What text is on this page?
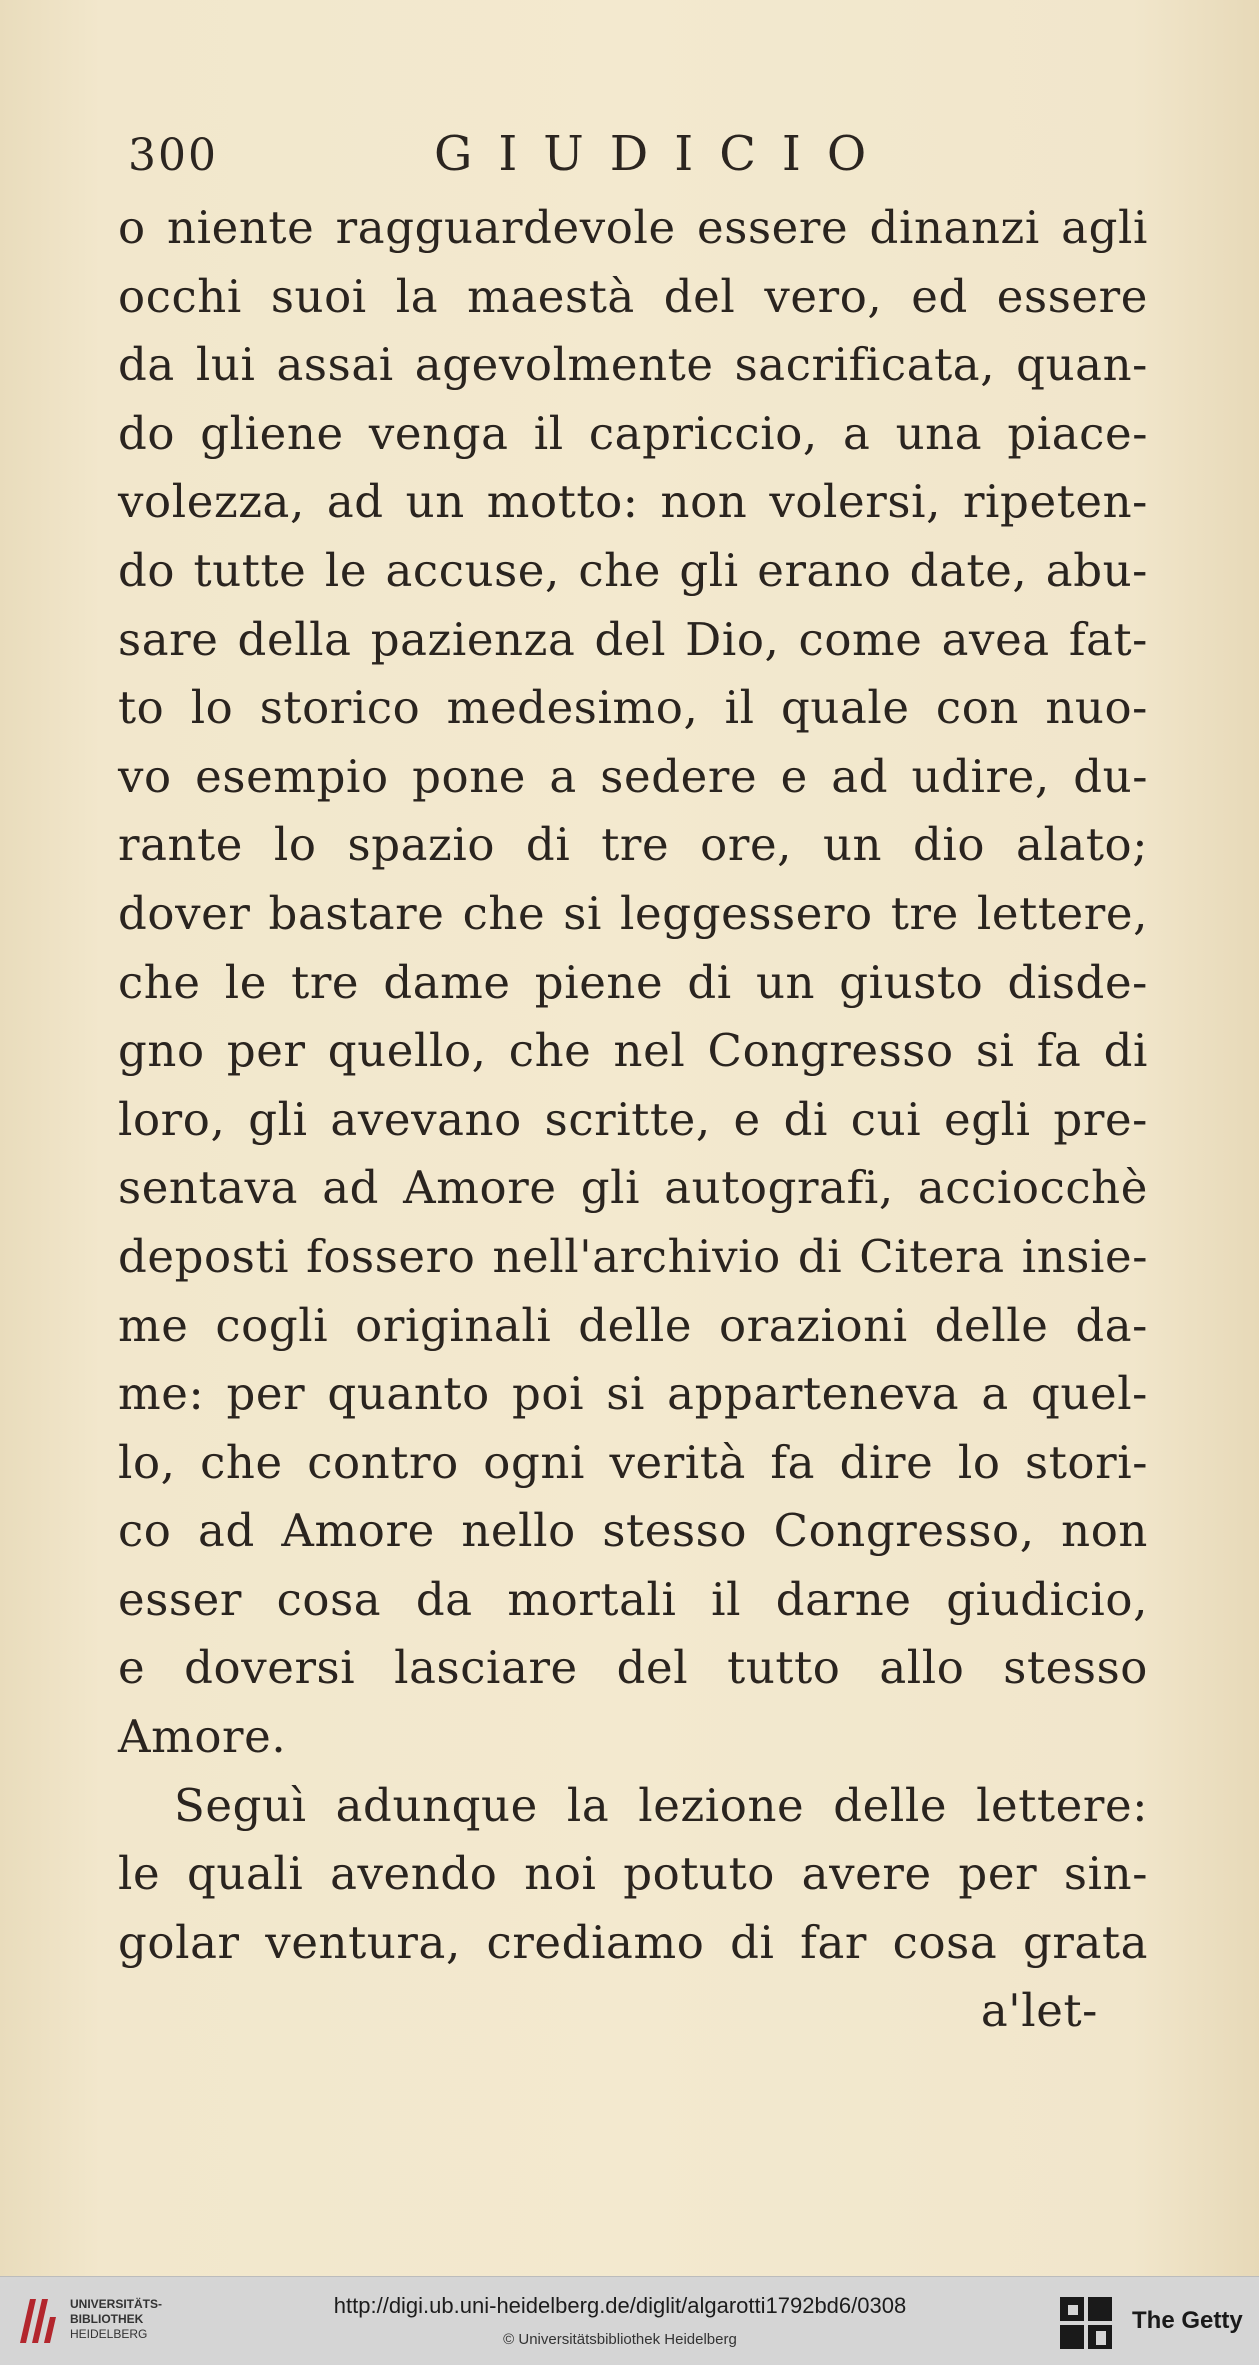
300	GIUDICIO
o niente ragguardevole essere dinanzi agli
occhi suoi la maestà del vero, ed essere
da lui assai agevolmente sacrificata, quan-
do gliene venga il capriccio, a una piace-
volezza, ad un motto: non volersi, ripeten-
do tutte le accuse, che gli erano date, abu-
sare della pazienza del Dio, come avea fat-
to lo storico medesimo, il quale con nuo-
vo esempio pone a sedere e ad udire, du-
rante lo spazio di tre ore, un dio alato;
dover bastare che si leggessero tre lettere,
che le tre dame piene di un giusto disde-
gno per quello, che nel Congresso si fa di
loro, gli avevano scritte, e di cui egli pre-
sentava ad Amore gli autografi, acciocchè
deposti fossero nell'archivio di Citera insie-
me cogli originali delle orazioni delle da-
me: per quanto poi si apparteneva a quel-
lo, che contro ogni verità fa dire lo stori-
co ad Amore nello stesso Congresso, non
esser cosa da mortali il darne giudicio,
e doversi lasciare del tutto allo stesso
Amore.
Seguì adunque la lezione delle lettere:
le quali avendo noi potuto avere per sin-
golar ventura, crediamo di far cosa grata
a'let-
UNIVERSITÄTS-
BIBLIOTHEK
HEIDELBERG
http://digi.ub.uni-heidelberg.de/diglit/algarotti1792bd6/0308
© Universitätsbibliothek Heidelberg
The Getty
